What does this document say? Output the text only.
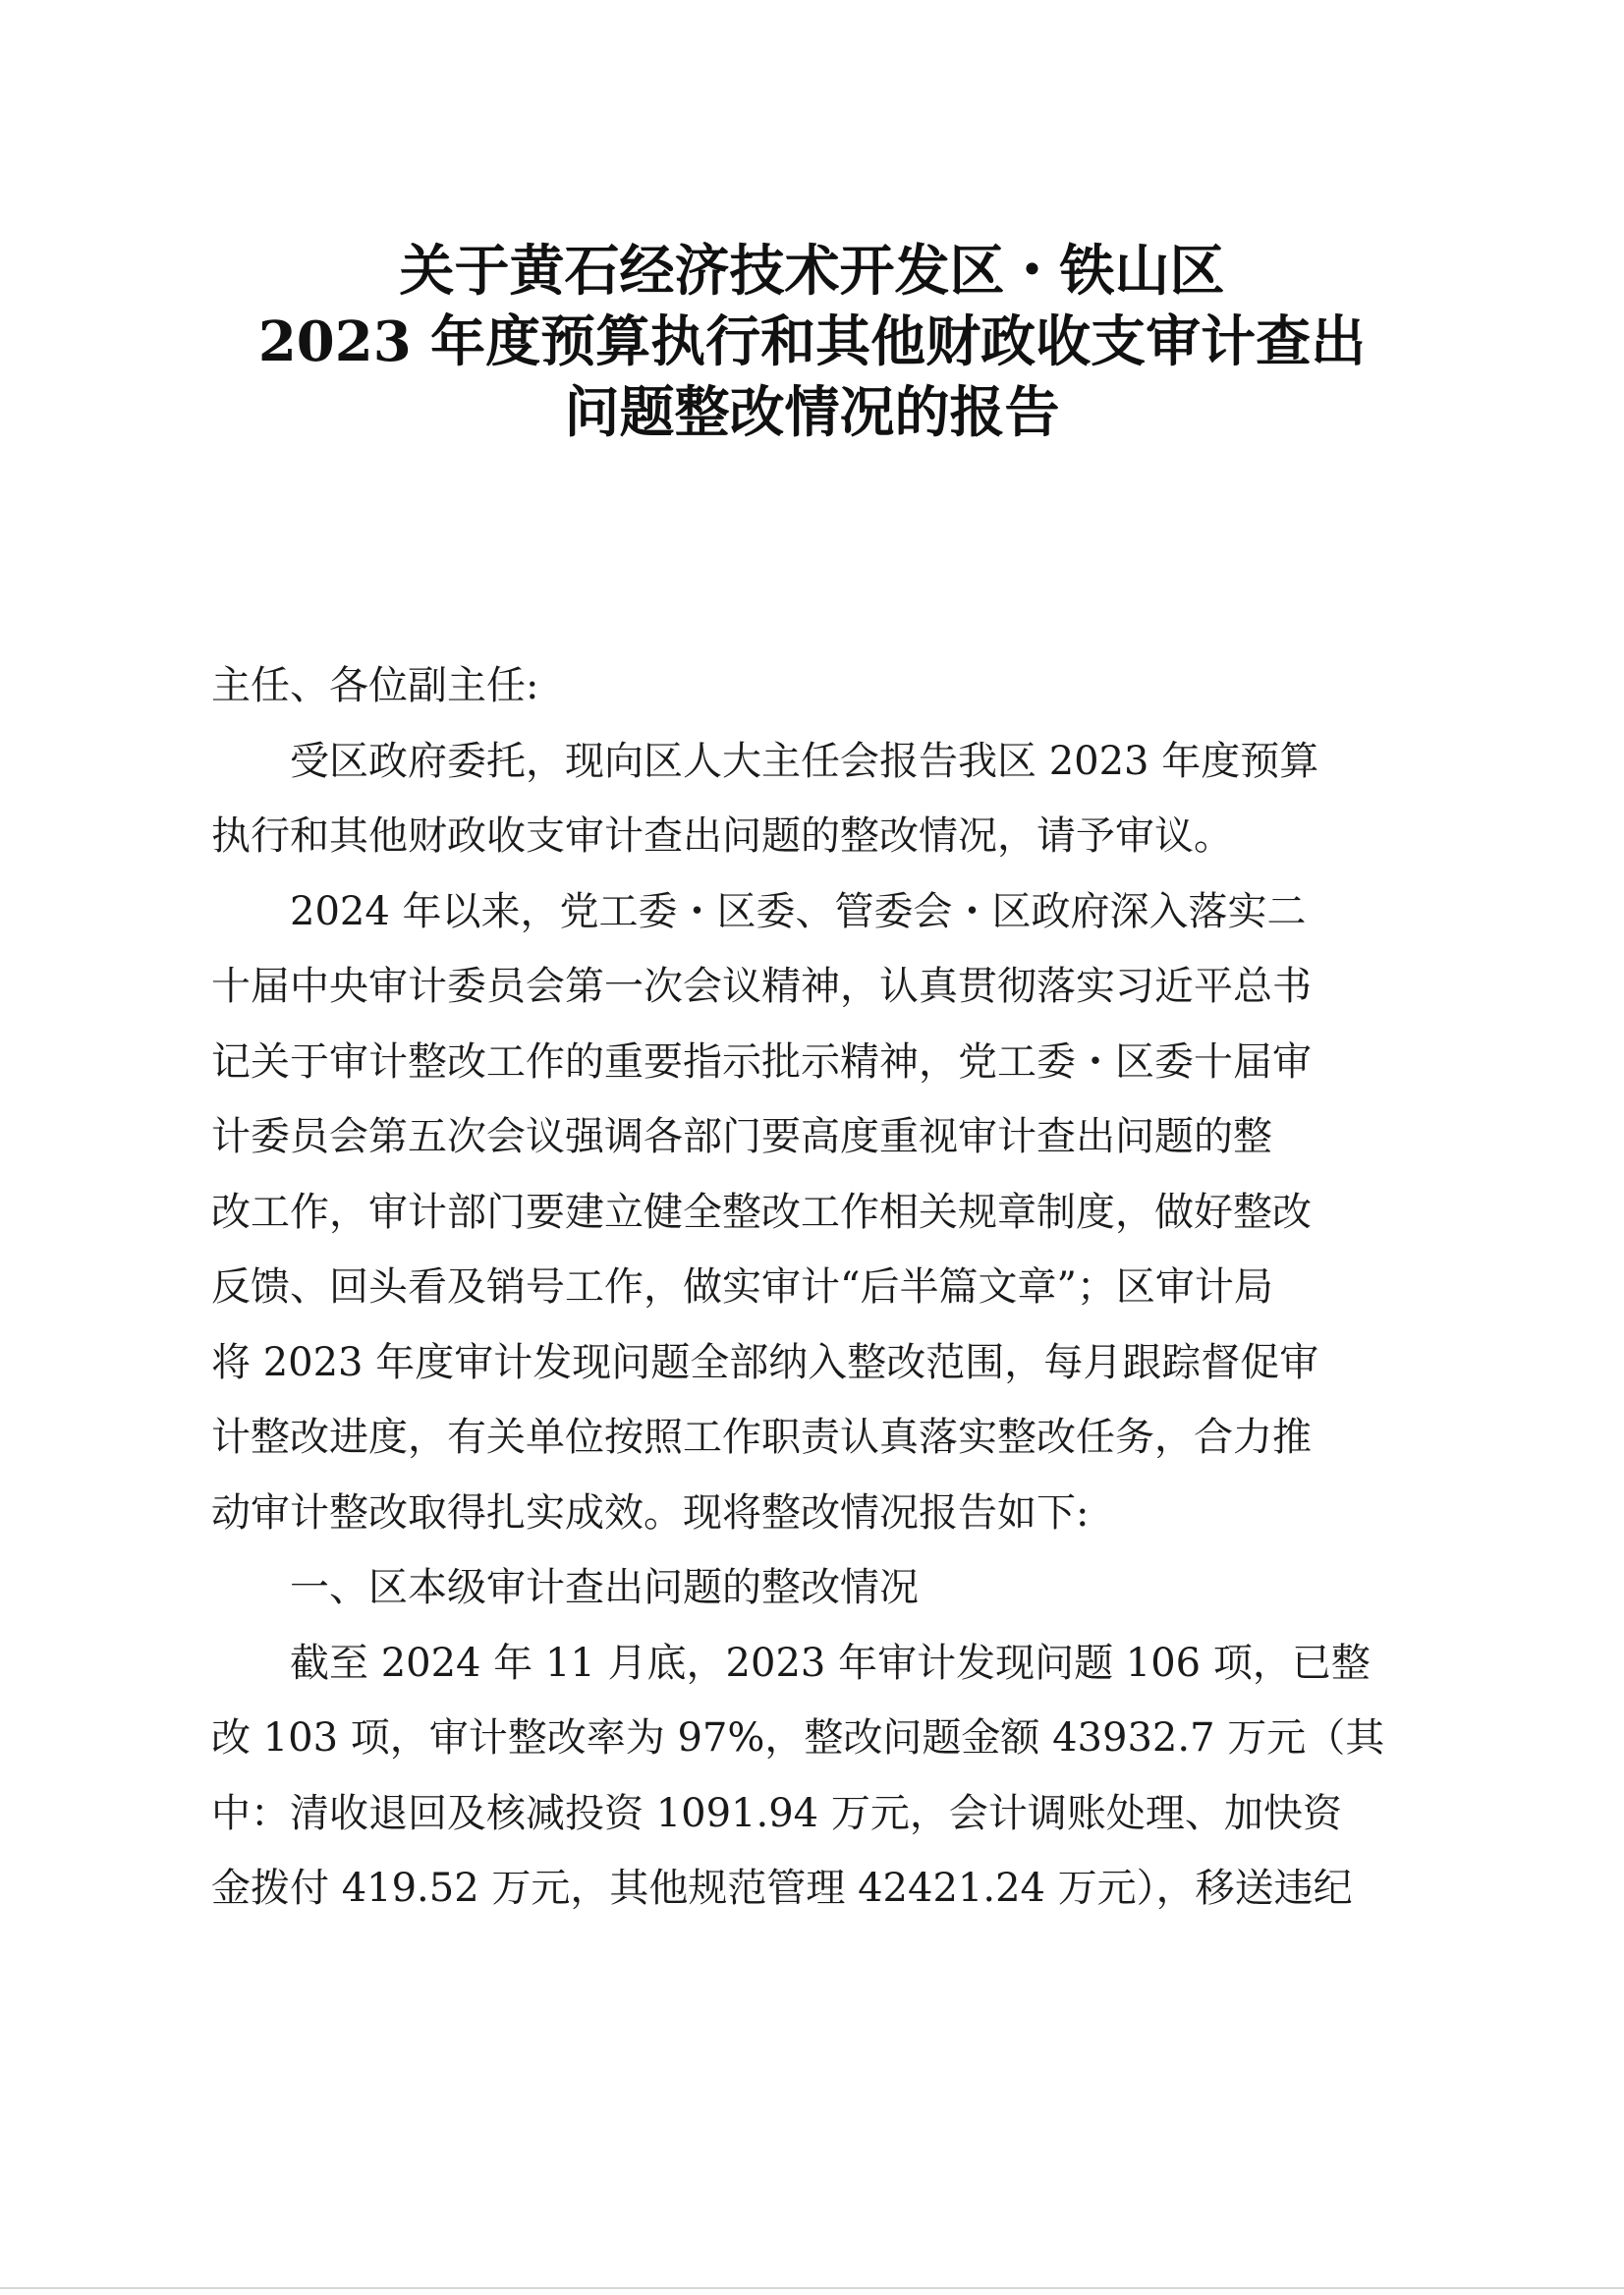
关于黄石经济技术开发区・铁山区
2023 年度预算执行和其他财政收支审计查出
问题整改情况的报告
主任、各位副主任:
受区政府委托，现向区人大主任会报告我区 2023 年度预算
执行和其他财政收支审计查出问题的整改情况，请予审议。
2024 年以来，党工委・区委、管委会・区政府深入落实二
十届中央审计委员会第一次会议精神，认真贯彻落实习近平总书
记关于审计整改工作的重要指示批示精神，党工委・区委十届审
计委员会第五次会议强调各部门要高度重视审计查出问题的整
改工作，审计部门要建立健全整改工作相关规章制度，做好整改
反馈、回头看及销号工作，做实审计“后半篇文章”；区审计局
将 2023 年度审计发现问题全部纳入整改范围，每月跟踪督促审
计整改进度，有关单位按照工作职责认真落实整改任务，合力推
动审计整改取得扎实成效。现将整改情况报告如下:
一、区本级审计查出问题的整改情况
截至 2024 年 11 月底，2023 年审计发现问题 106 项，已整
改 103 项，审计整改率为 97%，整改问题金额 43932.7 万元（其
中：清收退回及核减投资 1091.94 万元，会计调账处理、加快资
金拨付 419.52 万元，其他规范管理 42421.24 万元），移送违纪
